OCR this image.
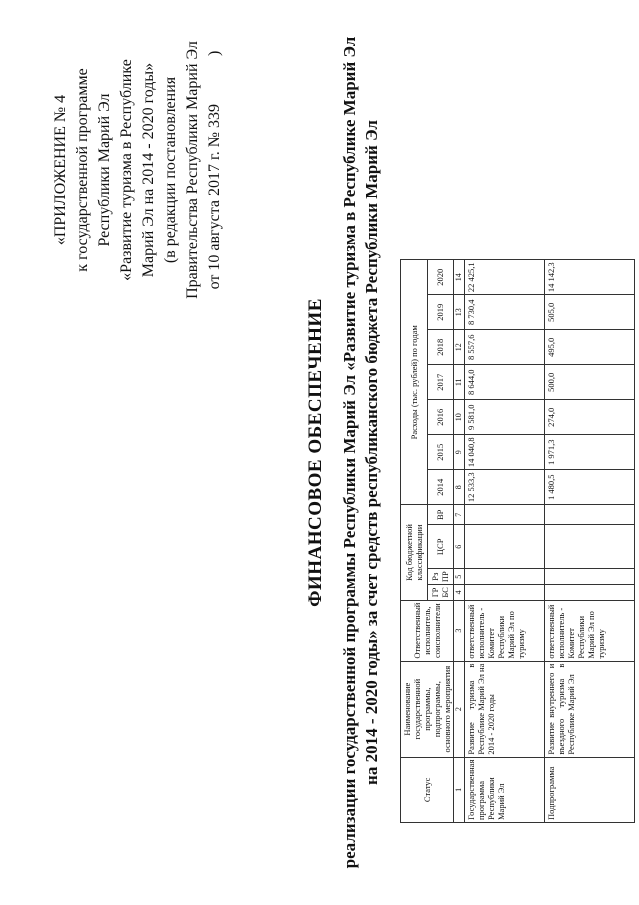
«ПРИЛОЖЕНИЕ № 4 к государственной программе Республики Марий Эл «Развитие туризма в Республике Марий Эл на 2014 - 2020 годы» (в редакции постановления Правительства Республики Марий Эл от 10 августа 2017 г. № 339  )
ФИНАНСОВОЕ ОБЕСПЕЧЕНИЕ реализации государственной программы Республики Марий Эл «Развитие туризма в Республике Марий Эл на 2014 - 2020 годы» за счет средств республиканского бюджета Республики Марий Эл
Статус	Наименование государственной программы, подпрограммы, основного мероприятия	Ответственный исполнитель, соисполнители	Код бюджетной классификации				Расходы (тыс. рублей) по годам						
			ГР БС	Рз ПР	ЦСР	ВР	2014	2015	2016	2017	2018	2019	2020
1	2	3	4	5	6	7	8	9	10	11	12	13	14
Государственная программа Республики Марий Эл	Развитие туризма в Республике Марий Эл на 2014 - 2020 годы	ответственный исполнитель - Комитет Республики Марий Эл по туризму					12 533,3	14 040,8	9 581,0	8 644,0	8 557,6	8 730,4	22 425,1
Подпрограмма	Развитие внутреннего и въездного туризма в Республике Марий Эл	ответственный исполнитель - Комитет Республики Марий Эл по туризму					1 480,5	1 971,3	274,0	500,0	495,0	505,0	14 142,3
